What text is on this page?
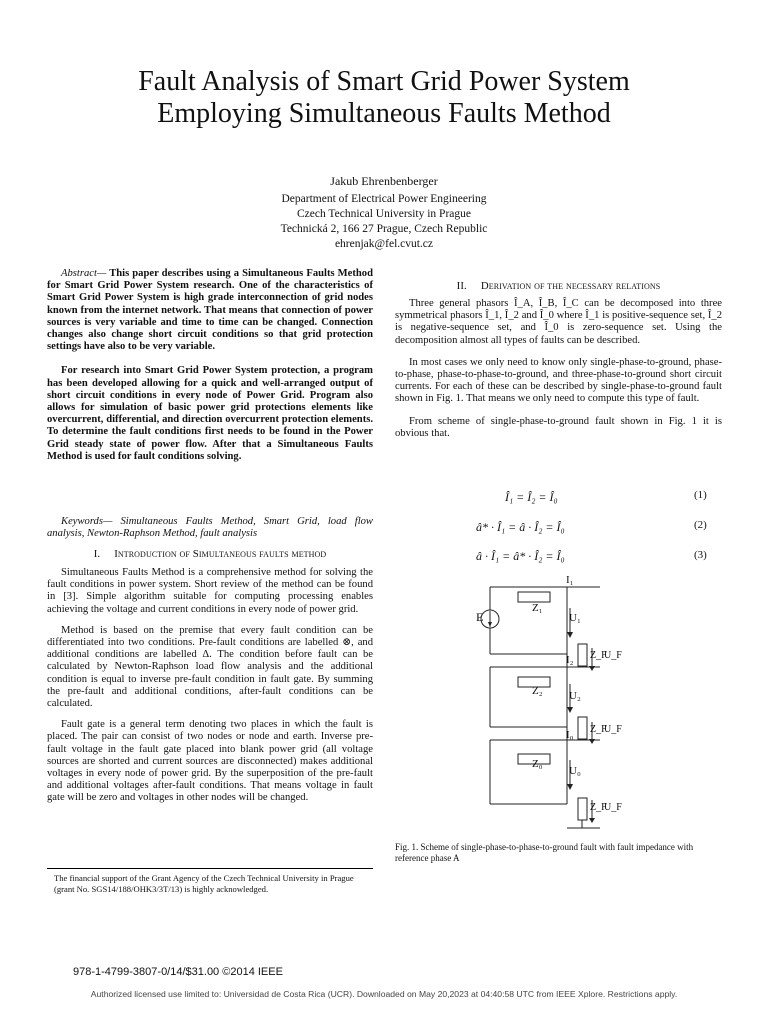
Fault Analysis of Smart Grid Power System
Employing Simultaneous Faults Method
Jakub Ehrenbenberger
Department of Electrical Power Engineering
Czech Technical University in Prague
Technická 2, 166 27 Prague, Czech Republic
ehrenjak@fel.cvut.cz

Abstract— This paper describes using a Simultaneous Faults Method for Smart Grid Power System research. One of the characteristics of Smart Grid Power System is high grade interconnection of grid nodes known from the internet network. That means that connection of power sources is very variable and time to time can be changed. Connection changes also change short circuit conditions so that grid protection settings have also to be very variable.

For research into Smart Grid Power System protection, a program has been developed allowing for a quick and well-arranged output of short circuit conditions in every node of Power Grid. Program also allows for simulation of basic power grid protections elements like overcurrent, differential, and direction overcurrent protection elements. To determine the fault conditions first needs to be found in the Power Grid steady state of power flow. After that a Simultaneous Faults Method is used for fault conditions solving.

Keywords— Simultaneous Faults Method, Smart Grid, load flow analysis, Newton-Raphson Method, fault analysis

I. Introduction of Simultaneous faults method

Simultaneous Faults Method is a comprehensive method for solving the fault conditions in power system. Short review of the method can be found in [3]. Simple algorithm suitable for computing processing enables achieving the voltage and current conditions in every node of power grid.

Method is based on the premise that every fault condition can be differentiated into two conditions. Pre-fault conditions are labelled ⊗, and additional conditions are labelled Δ. The condition before fault can be calculated by Newton-Raphson load flow analysis and the additional condition is equal to inverse pre-fault condition in fault gate. By summing the pre-fault and additional conditions, after-fault conditions can be calculated.

Fault gate is a general term denoting two places in which the fault is placed. The pair can consist of two nodes or node and earth. Inverse pre-fault voltage in the fault gate placed into blank power grid (all voltage sources are shorted and current sources are disconnected) makes additional voltages in every node of power grid. By the superposition of the pre-fault and additional voltages after-fault conditions. That means voltage in fault gate will be zero and voltages in other nodes will be changed.

The financial support of the Grant Agency of the Czech Technical University in Prague (grant No. SGS14/188/OHK3/3T/13) is highly acknowledged.
II. Derivation of the necessary relations

Three general phasors Î_A, Î_B, Î_C can be decomposed into three symmetrical phasors Î_1, Î_2 and Î_0 where Î_1 is positive-sequence set, Î_2 is negative-sequence set, and Î_0 is zero-sequence set. Using the decomposition almost all types of faults can be described.

In most cases we only need to know only single-phase-to-ground, phase-to-phase, phase-to-phase-to-ground, and three-phase-to-ground short circuit currents. For each of these can be described by single-phase-to-ground fault shown in Fig. 1. That means we only need to compute this type of fault.

From scheme of single-phase-to-ground fault shown in Fig. 1 it is obvious that.

Î₁ = Î₂ = Î₀	(1)
â* · Î₁ = â · Î₂ = Î₀	(2)
â · Î₁ = â* · Î₂ = Î₀	(3)
I₁
Z₁
U₁
E
I₂
Z₂ U₂
I₀
Z₀
U₀
Z_F
U_F
Z_F
U_F
Z_F
U_F
Fig. 1. Scheme of single-phase-to-phase-to-ground fault with fault impedance with reference phase A
978-1-4799-3807-0/14/$31.00 ©2014 IEEE
Authorized licensed use limited to: Universidad de Costa Rica (UCR). Downloaded on May 20,2023 at 04:40:58 UTC from IEEE Xplore. Restrictions apply.
